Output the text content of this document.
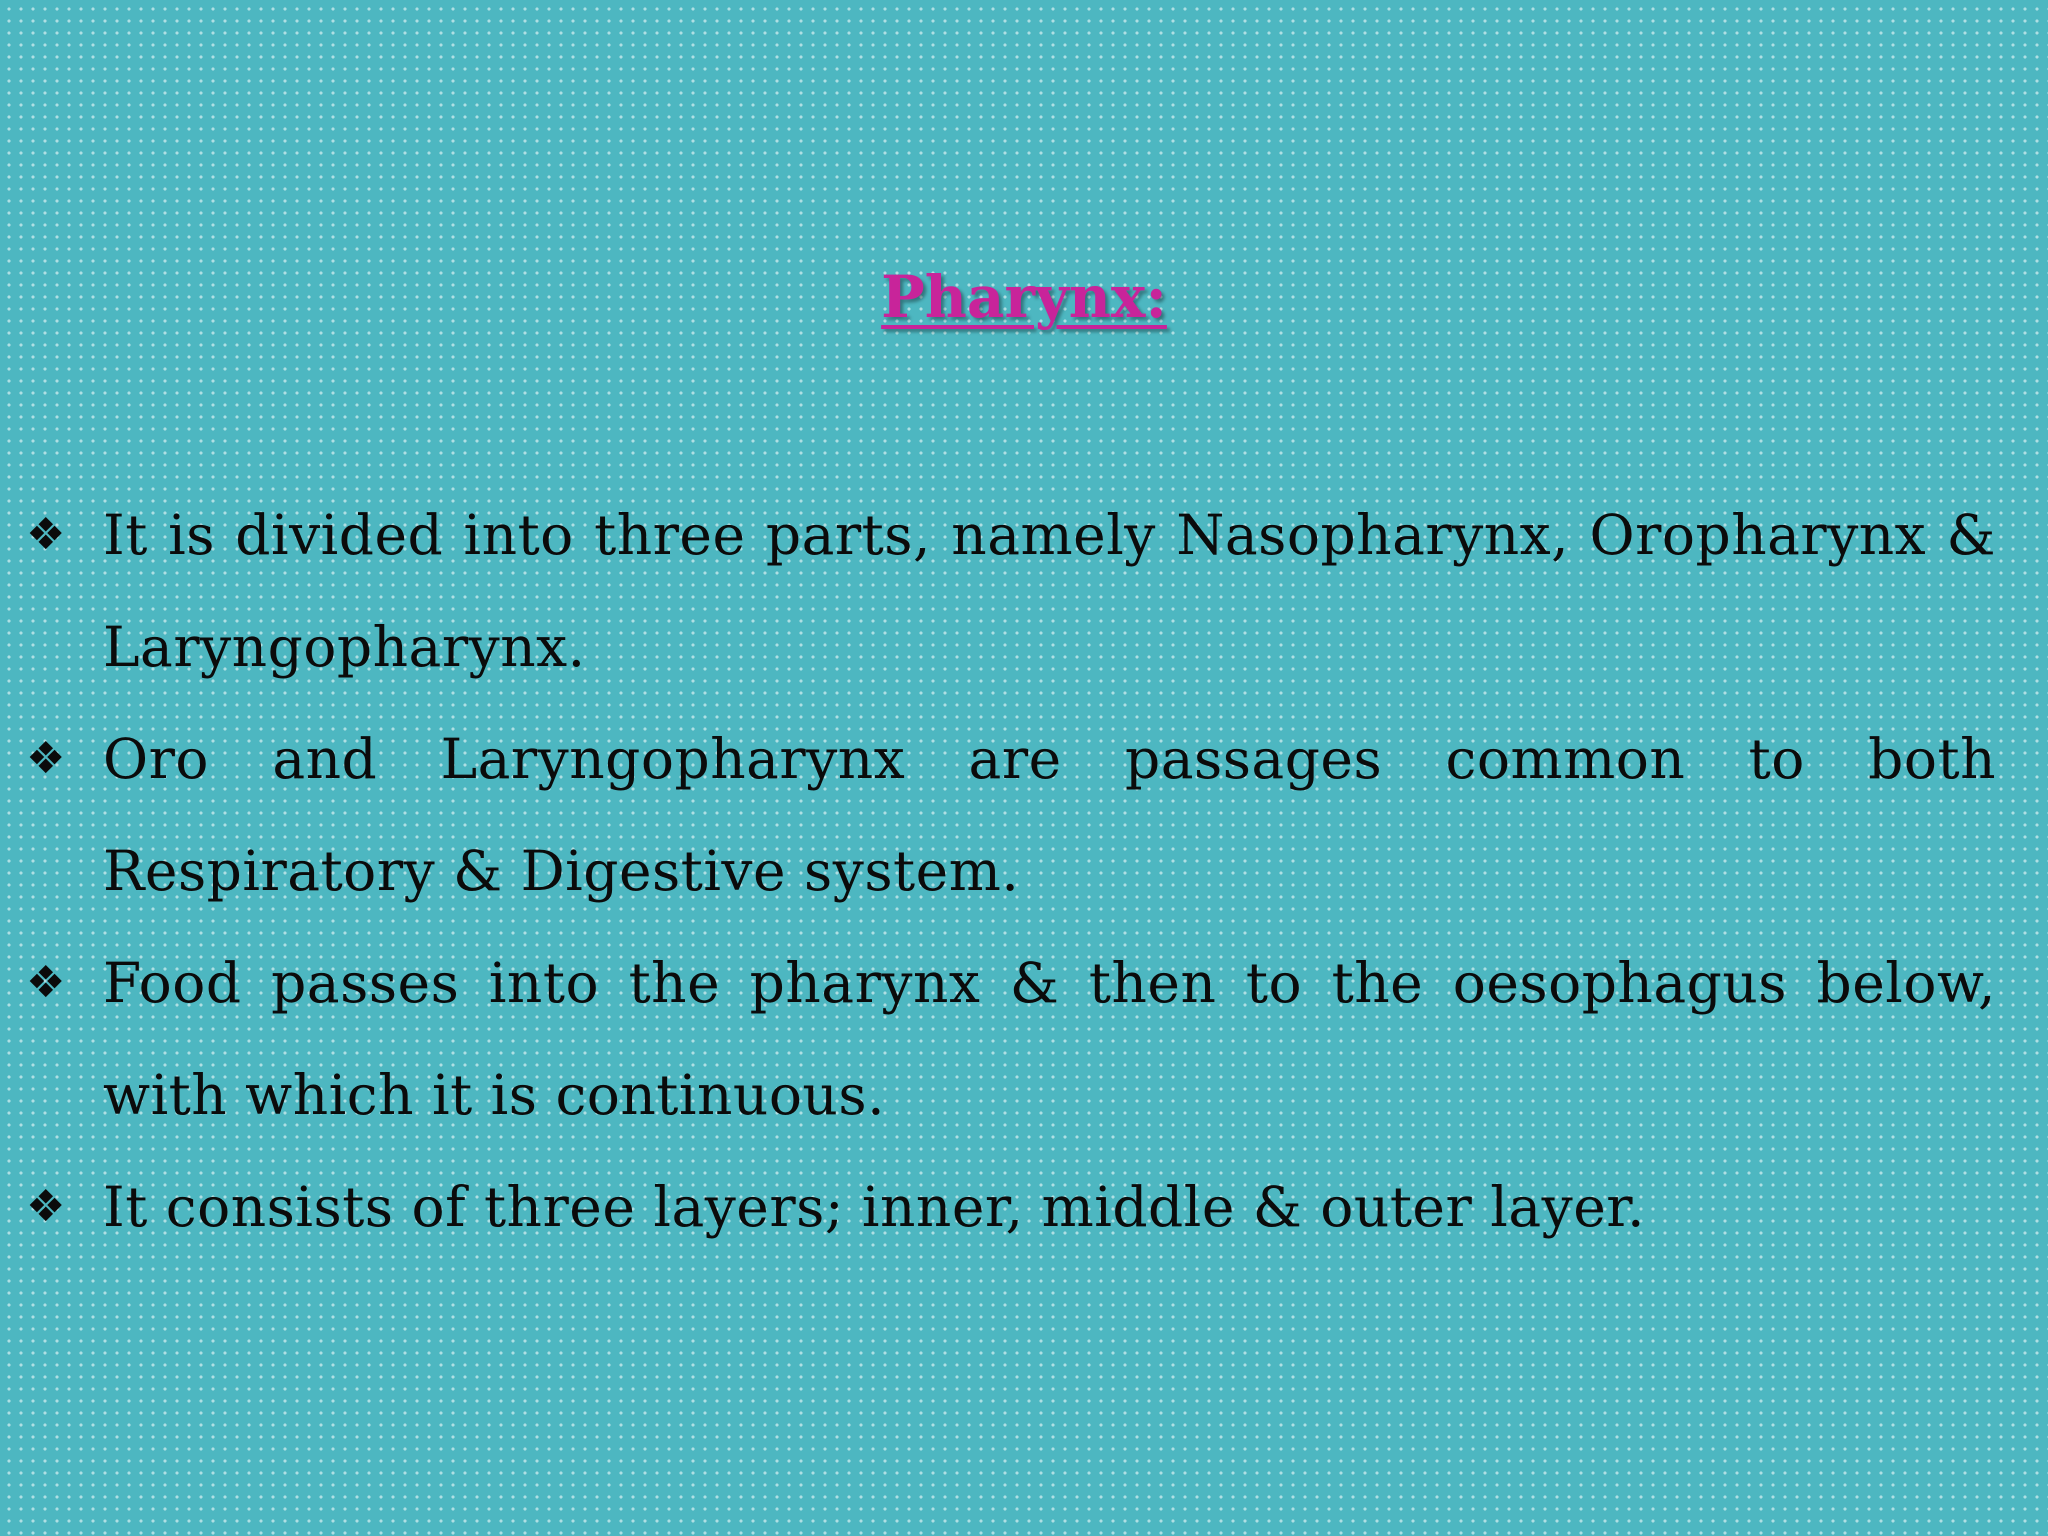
Pharynx:
❖ It is divided into three parts, namely Nasopharynx, Oropharynx & Laryngopharynx.
❖ Oro and Laryngopharynx are passages common to both Respiratory & Digestive system.
❖ Food passes into the pharynx & then to the oesophagus below, with which it is continuous.
❖ It consists of three layers; inner, middle & outer layer.
